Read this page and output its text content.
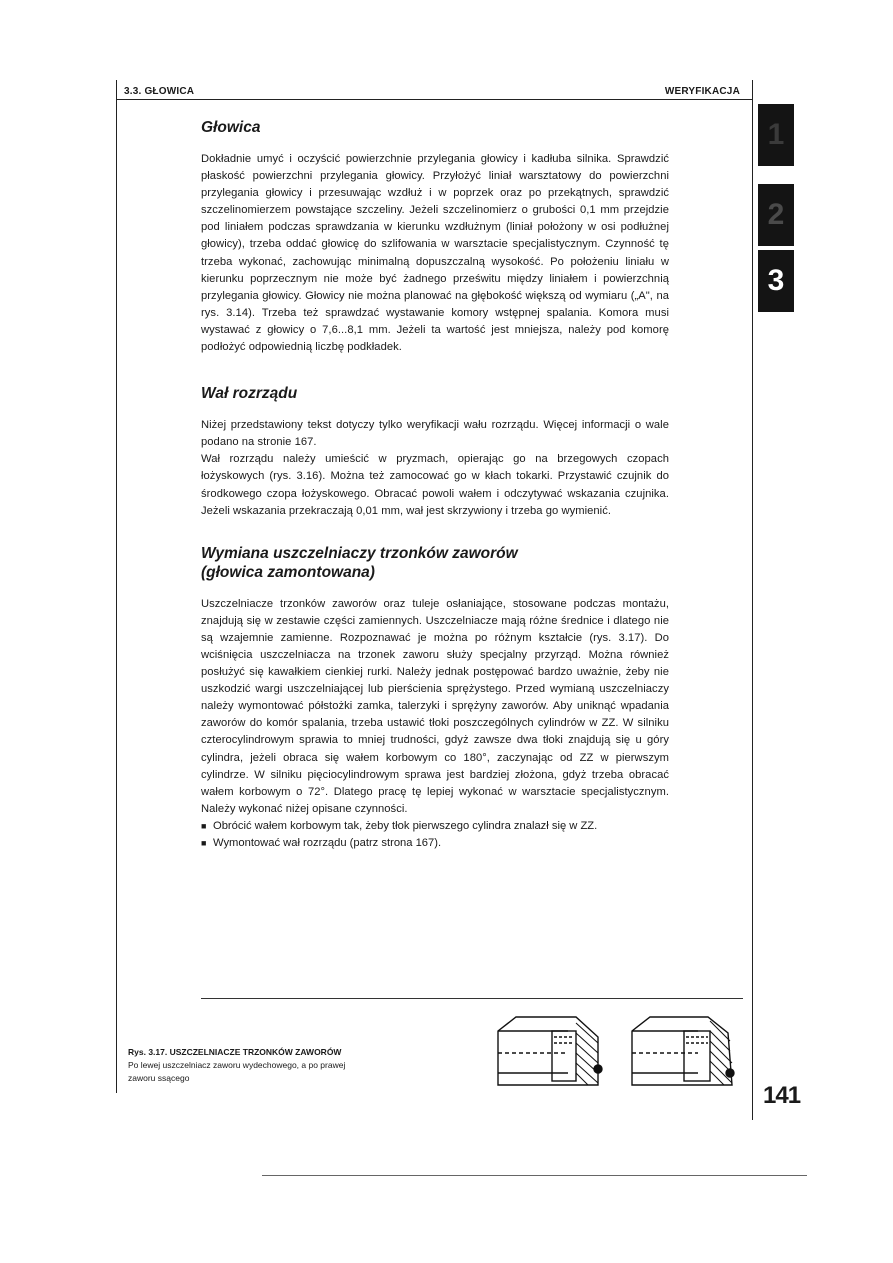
3.3. GŁOWICA	WERYFIKACJA
1
2
3
Głowica

Dokładnie umyć i oczyścić powierzchnie przylegania głowicy i kadłuba silnika. Sprawdzić płaskość powierzchni przylegania głowicy. Przyłożyć liniał warsztatowy do powierzchni przylegania głowicy i przesuwając wzdłuż i w poprzek oraz po przekątnych, sprawdzić szczelinomierzem powstające szczeliny. Jeżeli szczelinomierz o grubości 0,1 mm przejdzie pod liniałem podczas sprawdzania w kierunku wzdłużnym (liniał położony w osi podłużnej głowicy), trzeba oddać głowicę do szlifowania w warsztacie specjalistycznym. Czynność tę trzeba wykonać, zachowując minimalną dopuszczalną wysokość. Po położeniu liniału w kierunku poprzecznym nie może być żadnego prześwitu między liniałem i powierzchnią przylegania głowicy. Głowicy nie można planować na głębokość większą od wymiaru („A", na rys. 3.14). Trzeba też sprawdzać wystawanie komory wstępnej spalania. Komora musi wystawać z głowicy o 7,6...8,1 mm. Jeżeli ta wartość jest mniejsza, należy pod komorę podłożyć odpowiednią liczbę podkładek.

Wał rozrządu

Niżej przedstawiony tekst dotyczy tylko weryfikacji wału rozrządu. Więcej informacji o wale podano na stronie 167.

Wał rozrządu należy umieścić w pryzmach, opierając go na brzegowych czopach łożyskowych (rys. 3.16). Można też zamocować go w kłach tokarki. Przystawić czujnik do środkowego czopa łożyskowego. Obracać powoli wałem i odczytywać wskazania czujnika. Jeżeli wskazania przekraczają 0,01 mm, wał jest skrzywiony i trzeba go wymienić.

Wymiana uszczelniaczy trzonków zaworów
(głowica zamontowana)

Uszczelniacze trzonków zaworów oraz tuleje osłaniające, stosowane podczas montażu, znajdują się w zestawie części zamiennych. Uszczelniacze mają różne średnice i dlatego nie są wzajemnie zamienne. Rozpoznawać je można po różnym kształcie (rys. 3.17). Do wciśnięcia uszczelniacza na trzonek zaworu służy specjalny przyrząd. Można również posłużyć się kawałkiem cienkiej rurki. Należy jednak postępować bardzo uważnie, żeby nie uszkodzić wargi uszczelniającej lub pierścienia sprężystego. Przed wymianą uszczelniaczy należy wymontować półstożki zamka, talerzyki i sprężyny zaworów. Aby uniknąć wpadania zaworów do komór spalania, trzeba ustawić tłoki poszczególnych cylindrów w ZZ. W silniku czterocylindrowym sprawia to mniej trudności, gdyż zawsze dwa tłoki znajdują się u góry cylindra, jeżeli obraca się wałem korbowym co 180°, zaczynając od ZZ w pierwszym cylindrze. W silniku pięciocylindrowym sprawa jest bardziej złożona, gdyż trzeba obracać wałem korbowym o 72°. Dlatego pracę tę lepiej wykonać w warsztacie specjalistycznym. Należy wykonać niżej opisane czynności.

■ Obrócić wałem korbowym tak, żeby tłok pierwszego cylindra znalazł się w ZZ.
■ Wymontować wał rozrządu (patrz strona 167).
Rys. 3.17. USZCZELNIACZE TRZONKÓW ZAWORÓW
Po lewej uszczelniacz zaworu wydechowego, a po prawej
zaworu ssącego
141
